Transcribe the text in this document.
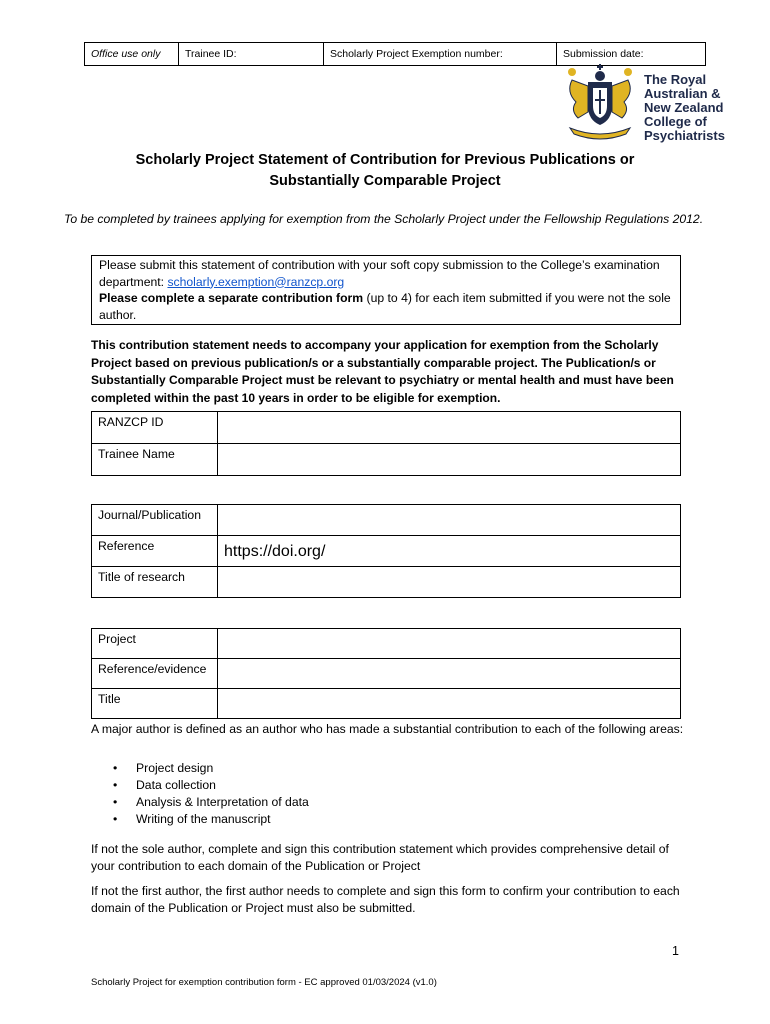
Office use only	Trainee ID:	Scholarly Project Exemption number:	Submission date:
The Royal
Australian &
New Zealand
College of
Psychiatrists
Scholarly Project Statement of Contribution for Previous Publications or
Substantially Comparable Project
To be completed by trainees applying for exemption from the Scholarly Project under the Fellowship Regulations 2012.
Please submit this statement of contribution with your soft copy submission to the College’s examination department: scholarly.exemption@ranzcp.org
Please complete a separate contribution form (up to 4) for each item submitted if you were not the sole author.
This contribution statement needs to accompany your application for exemption from the Scholarly Project based on previous publication/s or a substantially comparable project. The Publication/s or Substantially Comparable Project must be relevant to psychiatry or mental health and must have been completed within the past 10 years in order to be eligible for exemption.
RANZCP ID	
Trainee Name	
Journal/Publication	
Reference	https://doi.org/
Title of research	
Project	
Reference/evidence	
Title	
A major author is defined as an author who has made a substantial contribution to each of the following areas:
• Project design
• Data collection
• Analysis & Interpretation of data
• Writing of the manuscript
If not the sole author, complete and sign this contribution statement which provides comprehensive detail of your contribution to each domain of the Publication or Project
If not the first author, the first author needs to complete and sign this form to confirm your contribution to each domain of the Publication or Project must also be submitted.
1
Scholarly Project for exemption contribution form - EC approved 01/03/2024 (v1.0)
